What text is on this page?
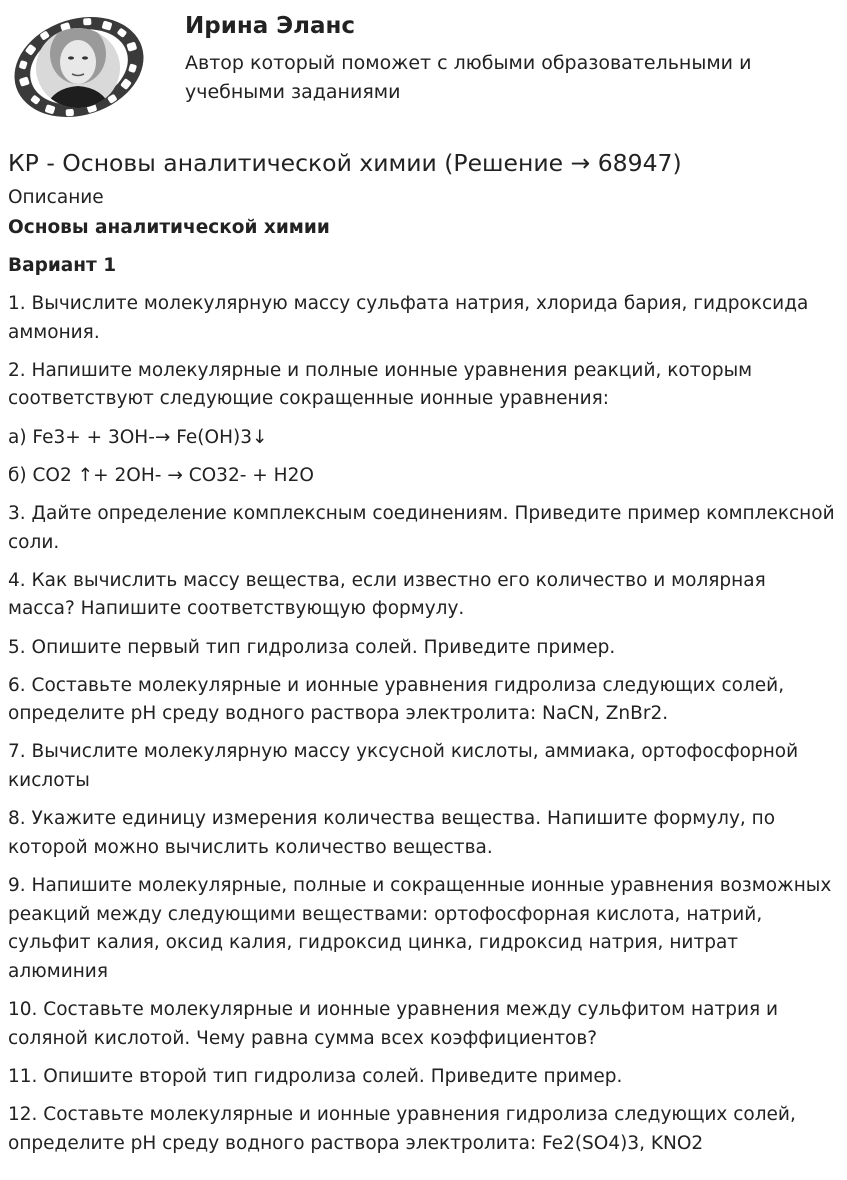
Ирина Эланс
Автор который поможет с любыми образовательными и учебными заданиями
КР - Основы аналитической химии (Решение → 68947)
Описание
Основы аналитической химии
Вариант 1
1. Вычислите молекулярную массу сульфата натрия, хлорида бария, гидроксида аммония.
2. Напишите молекулярные и полные ионные уравнения реакций, которым соответствуют следующие сокращенные ионные уравнения:
а) Fe3+ + 3OH-→ Fe(OH)3↓
б) CO2 ↑+ 2OH- → CO32- + H2O
3. Дайте определение комплексным соединениям. Приведите пример комплексной соли.
4. Как вычислить массу вещества, если известно его количество и молярная масса? Напишите соответствующую формулу.
5. Опишите первый тип гидролиза солей. Приведите пример.
6. Составьте молекулярные и ионные уравнения гидролиза следующих солей, определите pH среду водного раствора электролита: NaCN, ZnBr2.
7. Вычислите молекулярную массу уксусной кислоты, аммиака, ортофосфорной кислоты
8. Укажите единицу измерения количества вещества. Напишите формулу, по которой можно вычислить количество вещества.
9. Напишите молекулярные, полные и сокращенные ионные уравнения возможных реакций между следующими веществами: ортофосфорная кислота, натрий, сульфит калия, оксид калия, гидроксид цинка, гидроксид натрия, нитрат алюминия
10. Составьте молекулярные и ионные уравнения между сульфитом натрия и соляной кислотой. Чему равна сумма всех коэффициентов?
11. Опишите второй тип гидролиза солей. Приведите пример.
12. Составьте молекулярные и ионные уравнения гидролиза следующих солей, определите pH среду водного раствора электролита: Fe2(SO4)3, KNO2
